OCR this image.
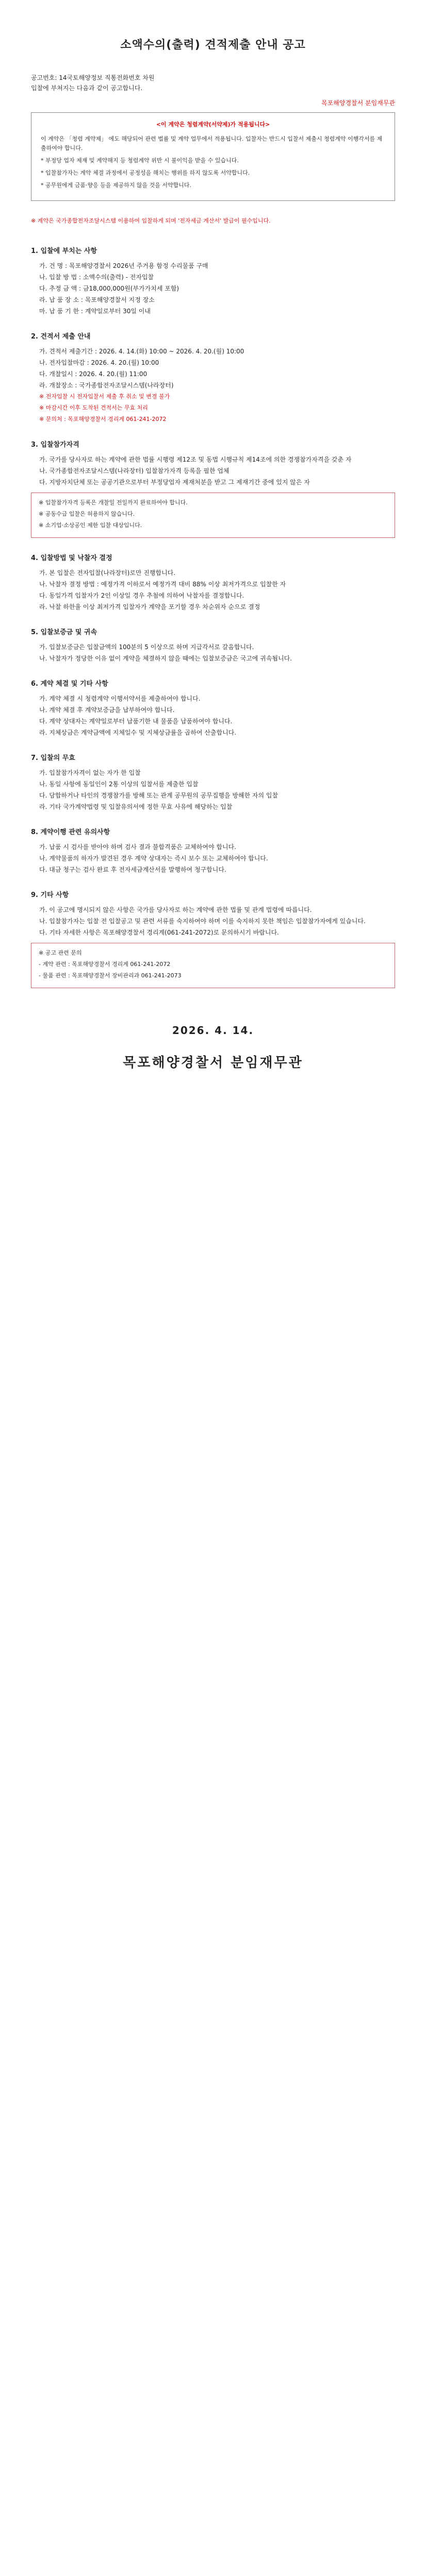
소액수의(출력) 견적제출 안내 공고
공고번호: 14국토해양정보 직통전화번호 차원
입찰에 부쳐지는 다음과 같이 공고합니다.
목포해양경찰서 분임재무관
<이 계약은 청렴계약(서약제)가 적용됩니다>

이 계약은 「청렴 계약제」 에도 해당되어 관련 법률 및 계약 업무에서 적용됩니다. 입찰자는 반드시 입찰서 제출시 청렴계약 이행각서를 제출하여야 합니다.

* 부정당 업자 제재 및 계약해지 등 청렴계약 위반 시 불이익을 받을 수 있습니다.

* 입찰참가자는 계약 체결 과정에서 공정성을 해치는 행위를 하지 않도록 서약합니다.

* 공무원에게 금품·향응 등을 제공하지 않을 것을 서약합니다.

※ 계약은 국가종합전자조달시스템 이용하여 입찰하게 되며 '전자세금 계산서' 발급이 필수입니다.
1. 입찰에 부치는 사항
가. 건 명 : 목포해양경찰서 2026년 주거용 함정 수리물품 구매
나. 입찰 방 법 : 소액수의(출력) - 전자입찰
다. 추정 금 액 : 금18,000,000원(부가가치세 포함)
라. 납 품 장 소 : 목포해양경찰서 지정 장소
마. 납 품 기 한 : 계약일로부터 30일 이내
2. 견적서 제출 안내
가. 견적서 제출기간 : 2026. 4. 14.(화) 10:00 ~ 2026. 4. 20.(월) 10:00
나. 전자입찰마감 : 2026. 4. 20.(월) 10:00
다. 개찰일시 : 2026. 4. 20.(월) 11:00
라. 개찰장소 : 국가종합전자조달시스템(나라장터)
※ 전자입찰 시 전자입찰서 제출 후 취소 및 변경 불가
※ 마감시간 이후 도착된 견적서는 무효 처리
※ 문의처 : 목포해양경찰서 경리계 061-241-2072
3. 입찰참가자격
가. 국가를 당사자로 하는 계약에 관한 법률 시행령 제12조 및 동법 시행규칙 제14조에 의한 경쟁참가자격을 갖춘 자
나. 국가종합전자조달시스템(나라장터) 입찰참가자격 등록을 필한 업체
다. 지방자치단체 또는 공공기관으로부터 부정당업자 제재처분을 받고 그 제재기간 중에 있지 않은 자
※ 입찰참가자격 등록은 개찰일 전일까지 완료하여야 합니다.
※ 공동수급 입찰은 허용하지 않습니다.
※ 소기업·소상공인 제한 입찰 대상입니다.
4. 입찰방법 및 낙찰자 결정
가. 본 입찰은 전자입찰(나라장터)로만 진행합니다.
나. 낙찰자 결정 방법 : 예정가격 이하로서 예정가격 대비 88% 이상 최저가격으로 입찰한 자
다. 동일가격 입찰자가 2인 이상일 경우 추첨에 의하여 낙찰자를 결정합니다.
라. 낙찰 하한율 이상 최저가격 입찰자가 계약을 포기할 경우 차순위자 순으로 결정
5. 입찰보증금 및 귀속
가. 입찰보증금은 입찰금액의 100분의 5 이상으로 하며 지급각서로 갈음합니다.
나. 낙찰자가 정당한 이유 없이 계약을 체결하지 않을 때에는 입찰보증금은 국고에 귀속됩니다.
6. 계약 체결 및 기타 사항
가. 계약 체결 시 청렴계약 이행서약서를 제출하여야 합니다.
나. 계약 체결 후 계약보증금을 납부하여야 합니다.
다. 계약 상대자는 계약일로부터 납품기한 내 물품을 납품하여야 합니다.
라. 지체상금은 계약금액에 지체일수 및 지체상금률을 곱하여 산출합니다.
7. 입찰의 무효
가. 입찰참가자격이 없는 자가 한 입찰
나. 동일 사항에 동일인이 2통 이상의 입찰서를 제출한 입찰
다. 담합하거나 타인의 경쟁참가를 방해 또는 관계 공무원의 공무집행을 방해한 자의 입찰
라. 기타 국가계약법령 및 입찰유의서에 정한 무효 사유에 해당하는 입찰
8. 계약이행 관련 유의사항
가. 납품 시 검사를 받아야 하며 검사 결과 불합격품은 교체하여야 합니다.
나. 계약물품의 하자가 발견된 경우 계약 상대자는 즉시 보수 또는 교체하여야 합니다.
다. 대금 청구는 검사 완료 후 전자세금계산서를 발행하여 청구합니다.
9. 기타 사항
가. 이 공고에 명시되지 않은 사항은 국가를 당사자로 하는 계약에 관한 법률 및 관계 법령에 따릅니다.
나. 입찰참가자는 입찰 전 입찰공고 및 관련 서류를 숙지하여야 하며 이를 숙지하지 못한 책임은 입찰참가자에게 있습니다.
다. 기타 자세한 사항은 목포해양경찰서 경리계(061-241-2072)로 문의하시기 바랍니다.
※ 공고 관련 문의
- 계약 관련 : 목포해양경찰서 경리계 061-241-2072
- 물품 관련 : 목포해양경찰서 장비관리과 061-241-2073
2026. 4. 14.
목포해양경찰서 분임재무관
